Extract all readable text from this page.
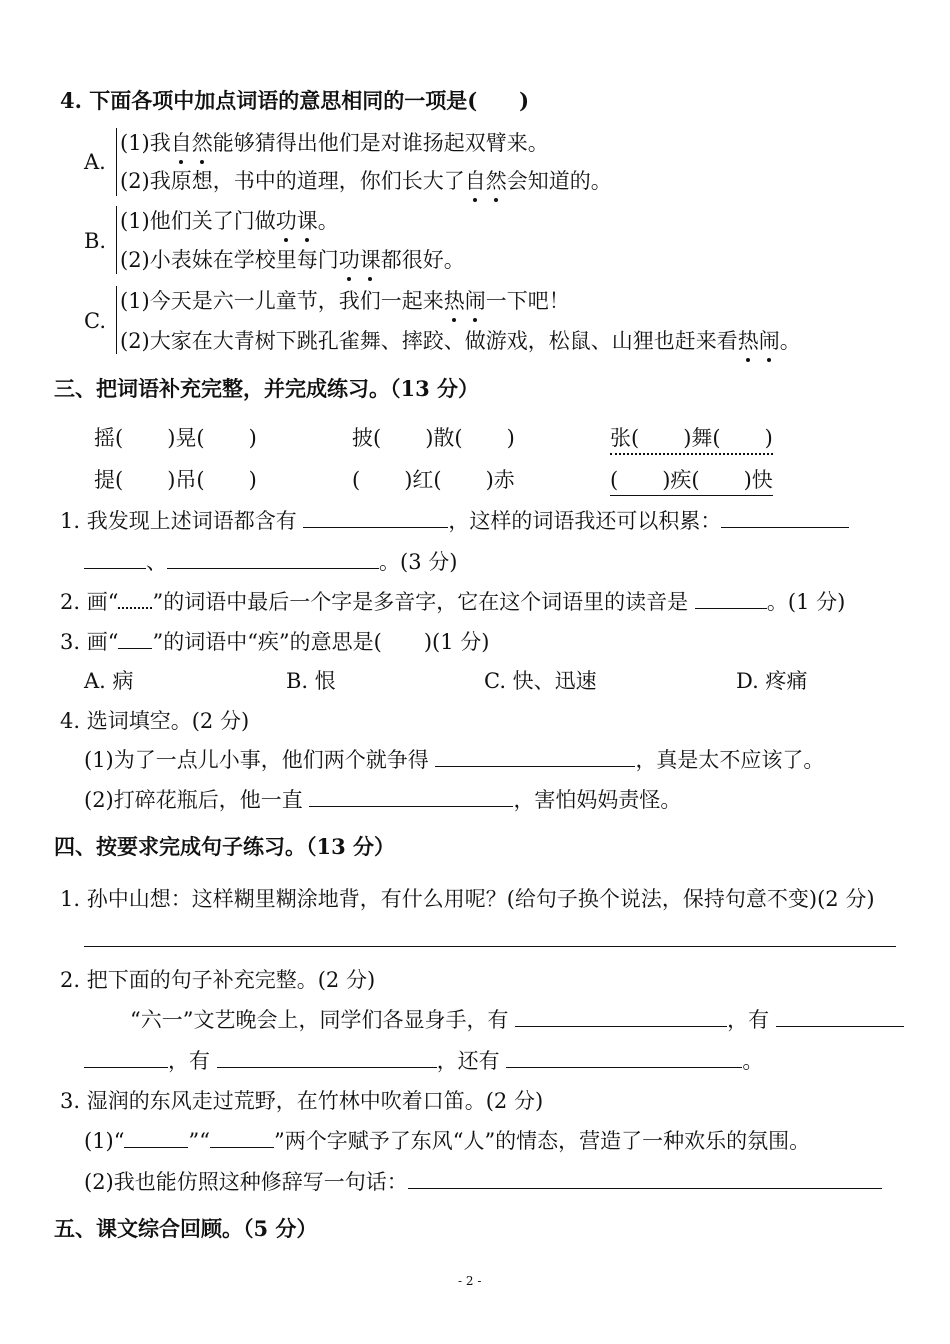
4. 下面各项中加点词语的意思相同的一项是(　　)
A.
(1)我自然能够猜得出他们是对谁扬起双臂来。
(2)我原想，书中的道理，你们长大了自然会知道的。
B.
(1)他们关了门做功课。
(2)小表妹在学校里每门功课都很好。
C.
(1)今天是六一儿童节，我们一起来热闹一下吧！
(2)大家在大青树下跳孔雀舞、摔跤、做游戏，松鼠、山狸也赶来看热闹。
三、把词语补充完整，并完成练习。（13 分）
摇( )晃( )	披( )散( )	张( )舞( )
提( )吊( )	( )红( )赤	( )疾( )快
1. 我发现上述词语都含有	，这样的词语我还可以积累：
、	。(3 分)
2. 画“ ”的词语中最后一个字是多音字，它在这个词语里的读音是	。(1 分)
3. 画“ ”的词语中“疾”的意思是(　　)(1 分)
A. 病	B. 恨	C. 快、迅速	D. 疼痛
4. 选词填空。(2 分)
(1)为了一点儿小事，他们两个就争得	，真是太不应该了。
(2)打碎花瓶后，他一直	，害怕妈妈责怪。
四、按要求完成句子练习。（13 分）
1. 孙中山想：这样糊里糊涂地背，有什么用呢？(给句子换个说法，保持句意不变)(2 分)
2. 把下面的句子补充完整。(2 分)
“六一”文艺晚会上，同学们各显身手，有	，有
，有	，还有	。
3. 湿润的东风走过荒野，在竹林中吹着口笛。(2 分)
(1)“	”“	”两个字赋予了东风“人”的情态，营造了一种欢乐的氛围。
(2)我也能仿照这种修辞写一句话：
五、课文综合回顾。（5 分）
- 2 -
